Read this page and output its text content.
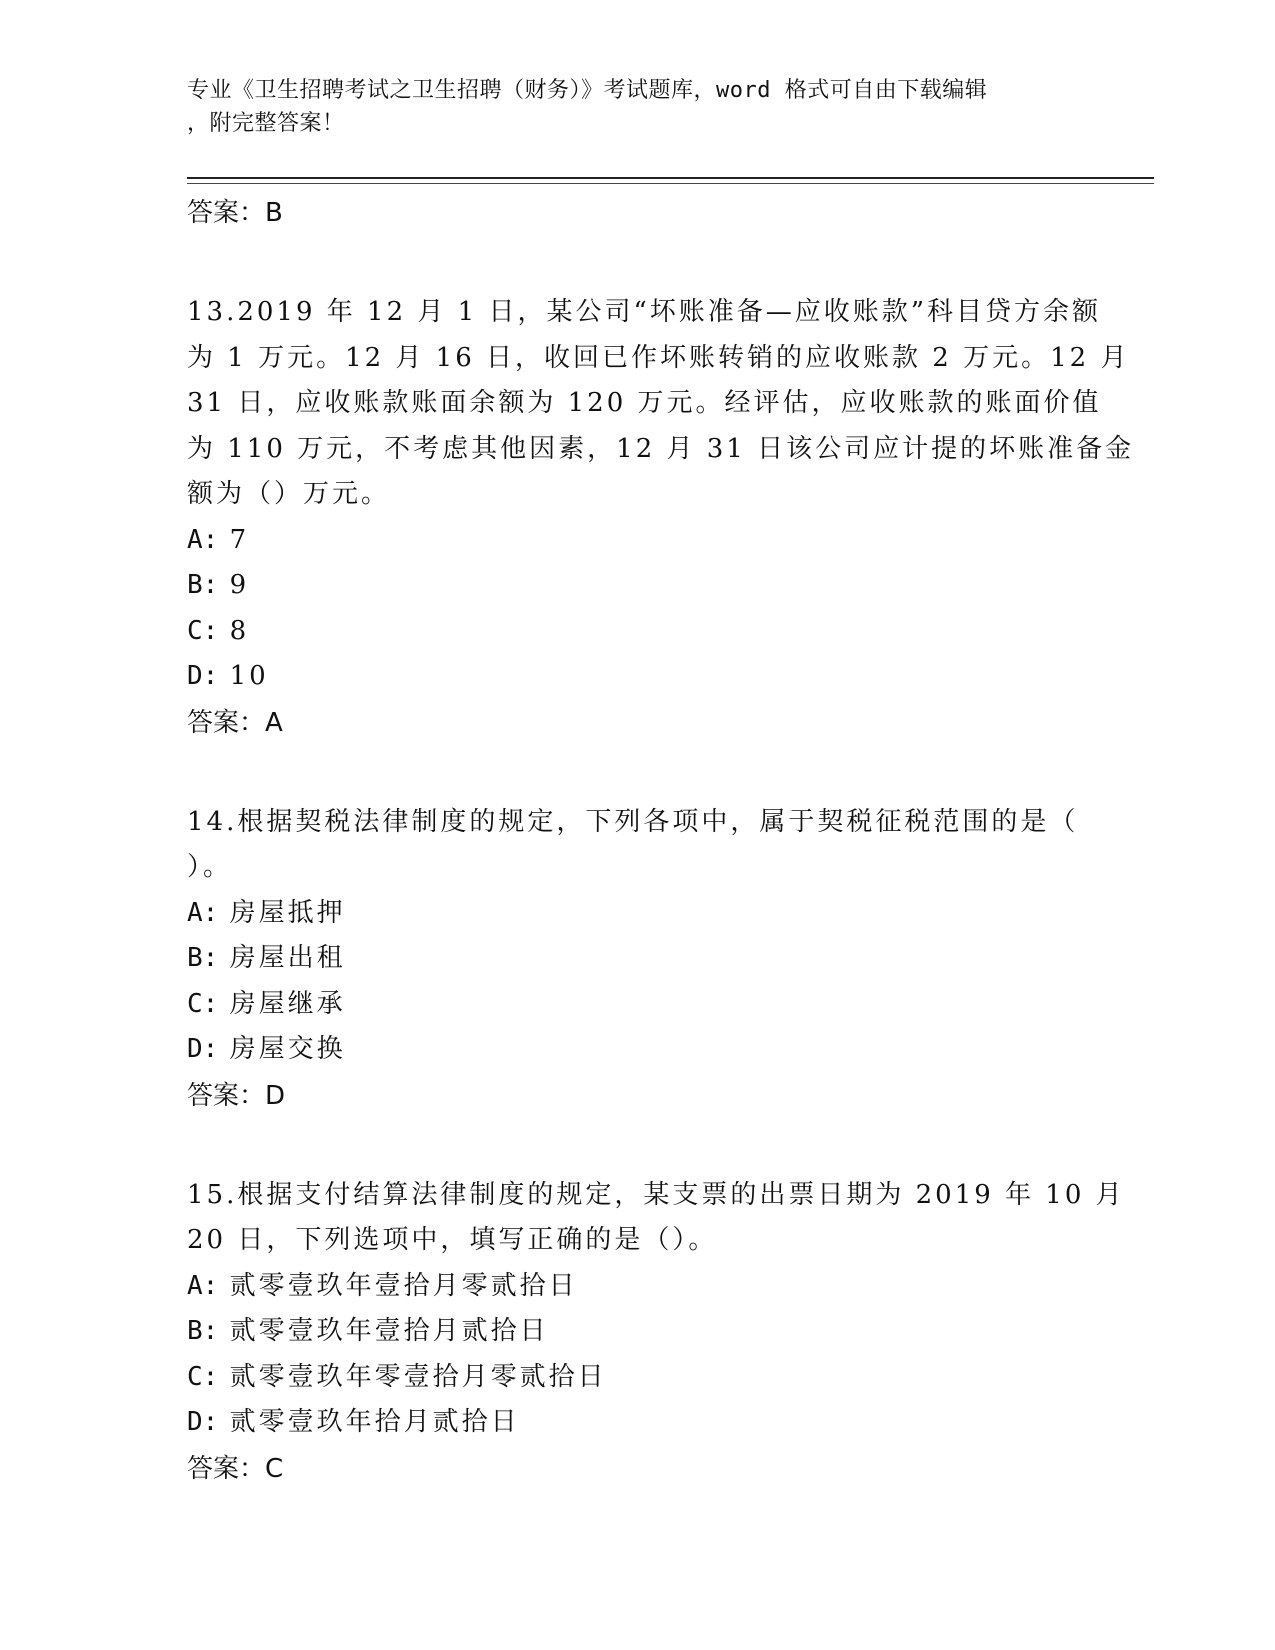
专业《卫生招聘考试之卫生招聘（财务）》考试题库，word 格式可自由下载编辑
，附完整答案！
答案：B
13.2019 年 12 月 1 日，某公司“坏账准备—应收账款”科目贷方余额
为 1 万元。12 月 16 日，收回已作坏账转销的应收账款 2 万元。12 月
31 日，应收账款账面余额为 120 万元。经评估，应收账款的账面价值
为 110 万元，不考虑其他因素，12 月 31 日该公司应计提的坏账准备金
额为（）万元。
A: 7
B: 9
C: 8
D: 10
答案：A
14.根据契税法律制度的规定，下列各项中，属于契税征税范围的是（
）。
A: 房屋抵押
B: 房屋出租
C: 房屋继承
D: 房屋交换
答案：D
15.根据支付结算法律制度的规定，某支票的出票日期为 2019 年 10 月
20 日，下列选项中，填写正确的是（）。
A: 贰零壹玖年壹拾月零贰拾日
B: 贰零壹玖年壹拾月贰拾日
C: 贰零壹玖年零壹拾月零贰拾日
D: 贰零壹玖年拾月贰拾日
答案：C
